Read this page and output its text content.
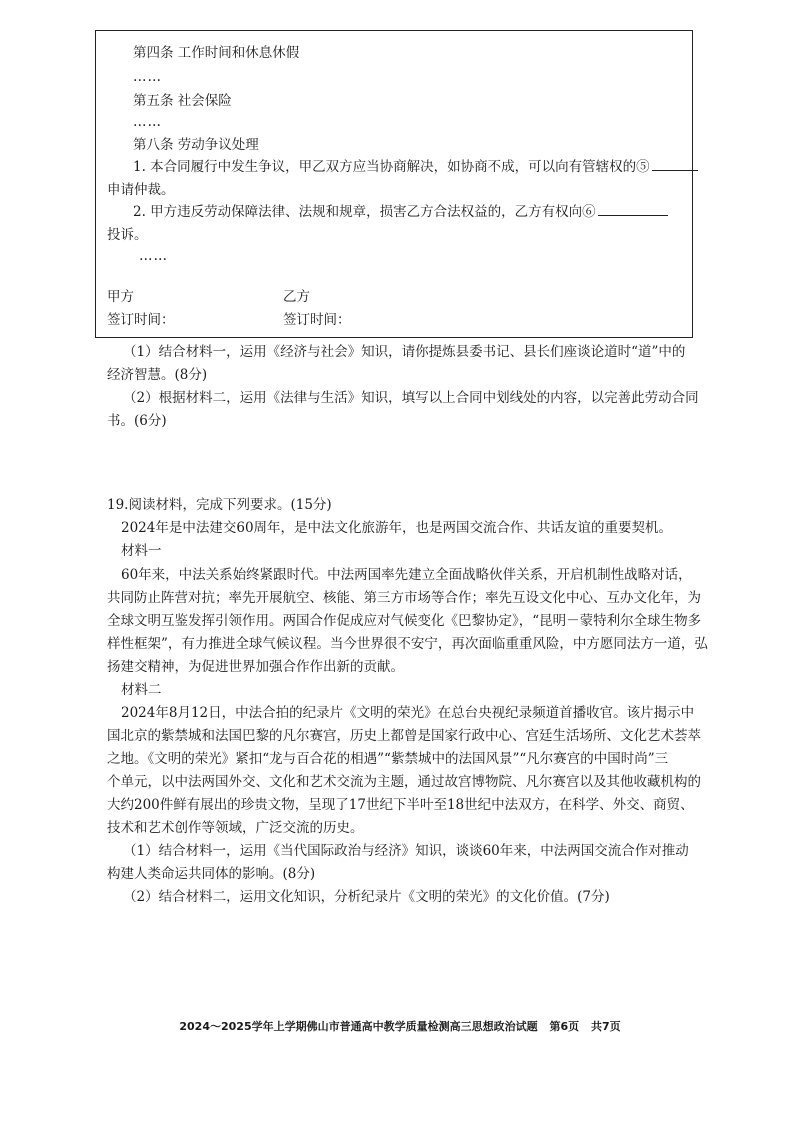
第四条 工作时间和休息休假
……
第五条 社会保险
……
第八条 劳动争议处理
1. 本合同履行中发生争议，甲乙双方应当协商解决，如协商不成，可以向有管辖权的⑤
申请仲裁。
2. 甲方违反劳动保障法律、法规和规章，损害乙方合法权益的，乙方有权向⑥
投诉。
……
甲方	乙方
签订时间：	签订时间：
（1）结合材料一，运用《经济与社会》知识，请你提炼县委书记、县长们座谈论道时“道”中的
经济智慧。(8分)
（2）根据材料二，运用《法律与生活》知识，填写以上合同中划线处的内容，以完善此劳动合同
书。(6分)
19.阅读材料，完成下列要求。(15分)
2024年是中法建交60周年，是中法文化旅游年，也是两国交流合作、共话友谊的重要契机。
材料一
60年来，中法关系始终紧跟时代。中法两国率先建立全面战略伙伴关系，开启机制性战略对话，
共同防止阵营对抗；率先开展航空、核能、第三方市场等合作；率先互设文化中心、互办文化年，为
全球文明互鉴发挥引领作用。两国合作促成应对气候变化《巴黎协定》，“昆明－蒙特利尔全球生物多
样性框架”，有力推进全球气候议程。当今世界很不安宁，再次面临重重风险，中方愿同法方一道，弘
扬建交精神，为促进世界加强合作作出新的贡献。
材料二
2024年8月12日，中法合拍的纪录片《文明的荣光》在总台央视纪录频道首播收官。该片揭示中
国北京的紫禁城和法国巴黎的凡尔赛宫，历史上都曾是国家行政中心、宫廷生活场所、文化艺术荟萃
之地。《文明的荣光》紧扣“龙与百合花的相遇”“紫禁城中的法国风景”“凡尔赛宫的中国时尚”三
个单元，以中法两国外交、文化和艺术交流为主题，通过故宫博物院、凡尔赛宫以及其他收藏机构的
大约200件鲜有展出的珍贵文物，呈现了17世纪下半叶至18世纪中法双方，在科学、外交、商贸、
技术和艺术创作等领域，广泛交流的历史。
（1）结合材料一，运用《当代国际政治与经济》知识，谈谈60年来，中法两国交流合作对推动
构建人类命运共同体的影响。(8分)
（2）结合材料二，运用文化知识，分析纪录片《文明的荣光》的文化价值。(7分)
2024～2025学年上学期佛山市普通高中教学质量检测高三思想政治试题 第6页 共7页
